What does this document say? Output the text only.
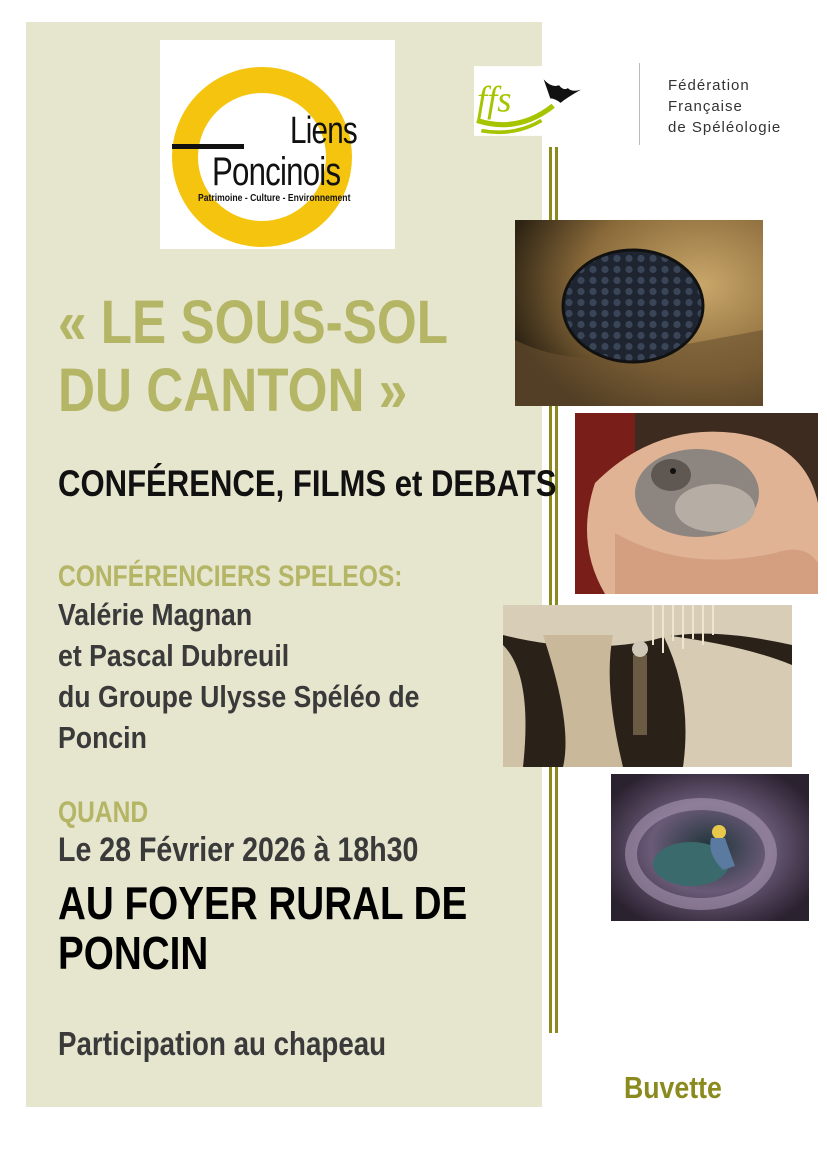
Liens
Poncinois
Patrimoine - Culture - Environnement
ffs	Fédération
Française
de Spéléologie
« LE SOUS-SOL
DU CANTON »
CONFÉRENCE, FILMS et DEBATS
CONFÉRENCIERS SPELEOS:
Valérie Magnan
et Pascal Dubreuil
du Groupe Ulysse Spéléo de
Poncin
QUAND
Le 28 Février 2026 à 18h30
AU FOYER RURAL DE
PONCIN
Participation au chapeau
Buvette
